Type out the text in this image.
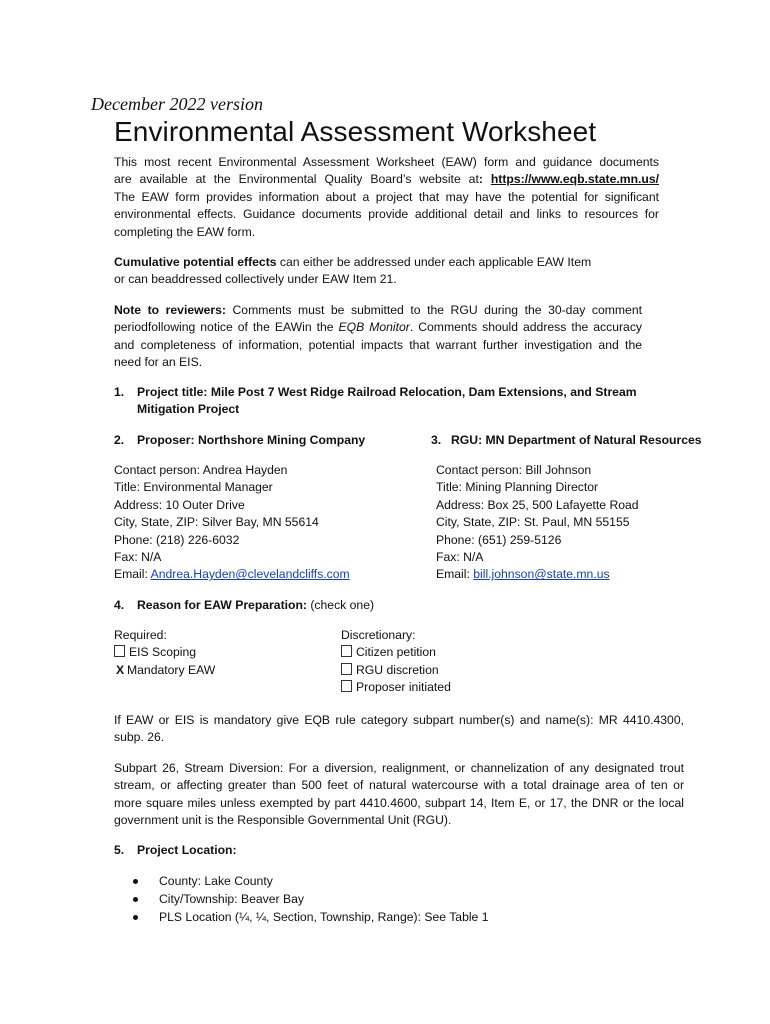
December 2022 version
Environmental Assessment Worksheet
This most recent Environmental Assessment Worksheet (EAW) form and guidance documents
are available at the Environmental Quality Board’s website at: https://www.eqb.state.mn.us/
The EAW form provides information about a project that may have the potential for significant
environmental effects. Guidance documents provide additional detail and links to resources for
completing the EAW form.
Cumulative potential effects can either be addressed under each applicable EAW Item
or can beaddressed collectively under EAW Item 21.
Note to reviewers: Comments must be submitted to the RGU during the 30-day comment
periodfollowing notice of the EAWin the EQB Monitor. Comments should address the accuracy
and completeness of information, potential impacts that warrant further investigation and the
need for an EIS.
1. Project title: Mile Post 7 West Ridge Railroad Relocation, Dam Extensions, and Stream
Mitigation Project
2. Proposer: Northshore Mining Company	3. RGU: MN Department of Natural Resources
Contact person: Andrea Hayden
Title: Environmental Manager
Address: 10 Outer Drive
City, State, ZIP: Silver Bay, MN 55614
Phone: (218) 226-6032
Fax: N/A
Email: Andrea.Hayden@clevelandcliffs.com
Contact person: Bill Johnson
Title: Mining Planning Director
Address: Box 25, 500 Lafayette Road
City, State, ZIP: St. Paul, MN 55155
Phone: (651) 259-5126
Fax: N/A
Email: bill.johnson@state.mn.us
4. Reason for EAW Preparation: (check one)
Required:
EIS Scoping
X Mandatory EAW
Discretionary:
Citizen petition
RGU discretion
Proposer initiated
If EAW or EIS is mandatory give EQB rule category subpart number(s) and name(s): MR 4410.4300,
subp. 26.
Subpart 26, Stream Diversion: For a diversion, realignment, or channelization of any designated trout
stream, or affecting greater than 500 feet of natural watercourse with a total drainage area of ten or
more square miles unless exempted by part 4410.4600, subpart 14, Item E, or 17, the DNR or the local
government unit is the Responsible Governmental Unit (RGU).
5. Project Location:
County: Lake County
City/Township: Beaver Bay
PLS Location (¼, ¼, Section, Township, Range): See Table 1
